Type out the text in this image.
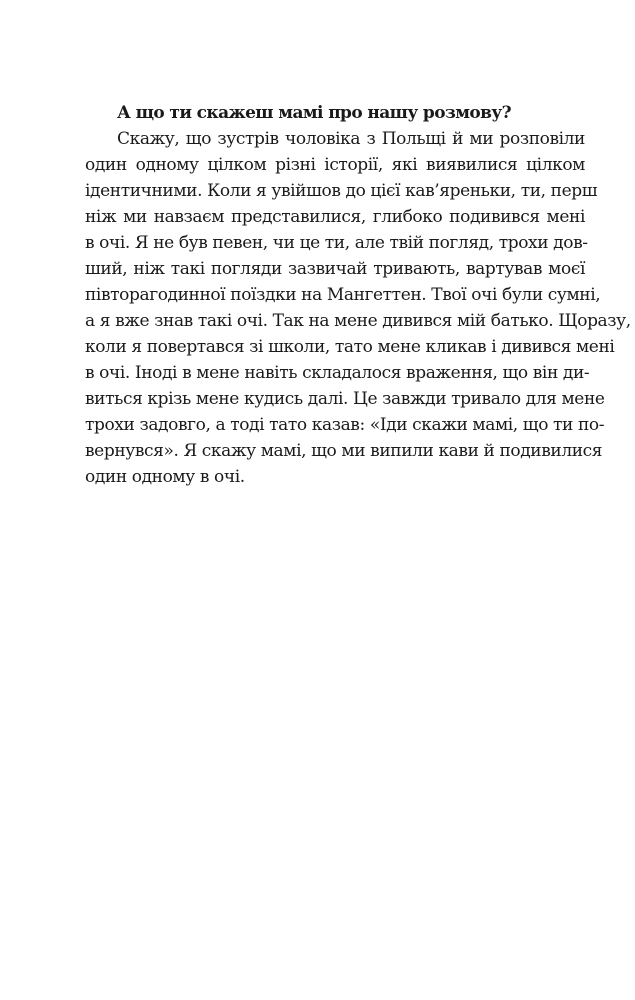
А що ти скажеш мамі про нашу розмову?
Скажу, що зустрів чоловіка з Польщі й ми розповіли
один одному цілком різні історії, які виявилися цілком
ідентичними. Коли я увійшов до цієї кав’яреньки, ти, перш
ніж ми навзаєм представилися, глибоко подивився мені
в очі. Я не був певен, чи це ти, але твій погляд, трохи дов-
ший, ніж такі погляди зазвичай тривають, вартував моєї
півторагодинної поїздки на Мангеттен. Твої очі були сумні,
а я вже знав такі очі. Так на мене дивився мій батько. Щоразу,
коли я повертався зі школи, тато мене кликав і дивився мені
в очі. Іноді в мене навіть складалося враження, що він ди-
виться крізь мене кудись далі. Це завжди тривало для мене
трохи задовго, а тоді тато казав: «Іди скажи мамі, що ти по-
вернувся». Я скажу мамі, що ми випили кави й подивилися
один одному в очі.
